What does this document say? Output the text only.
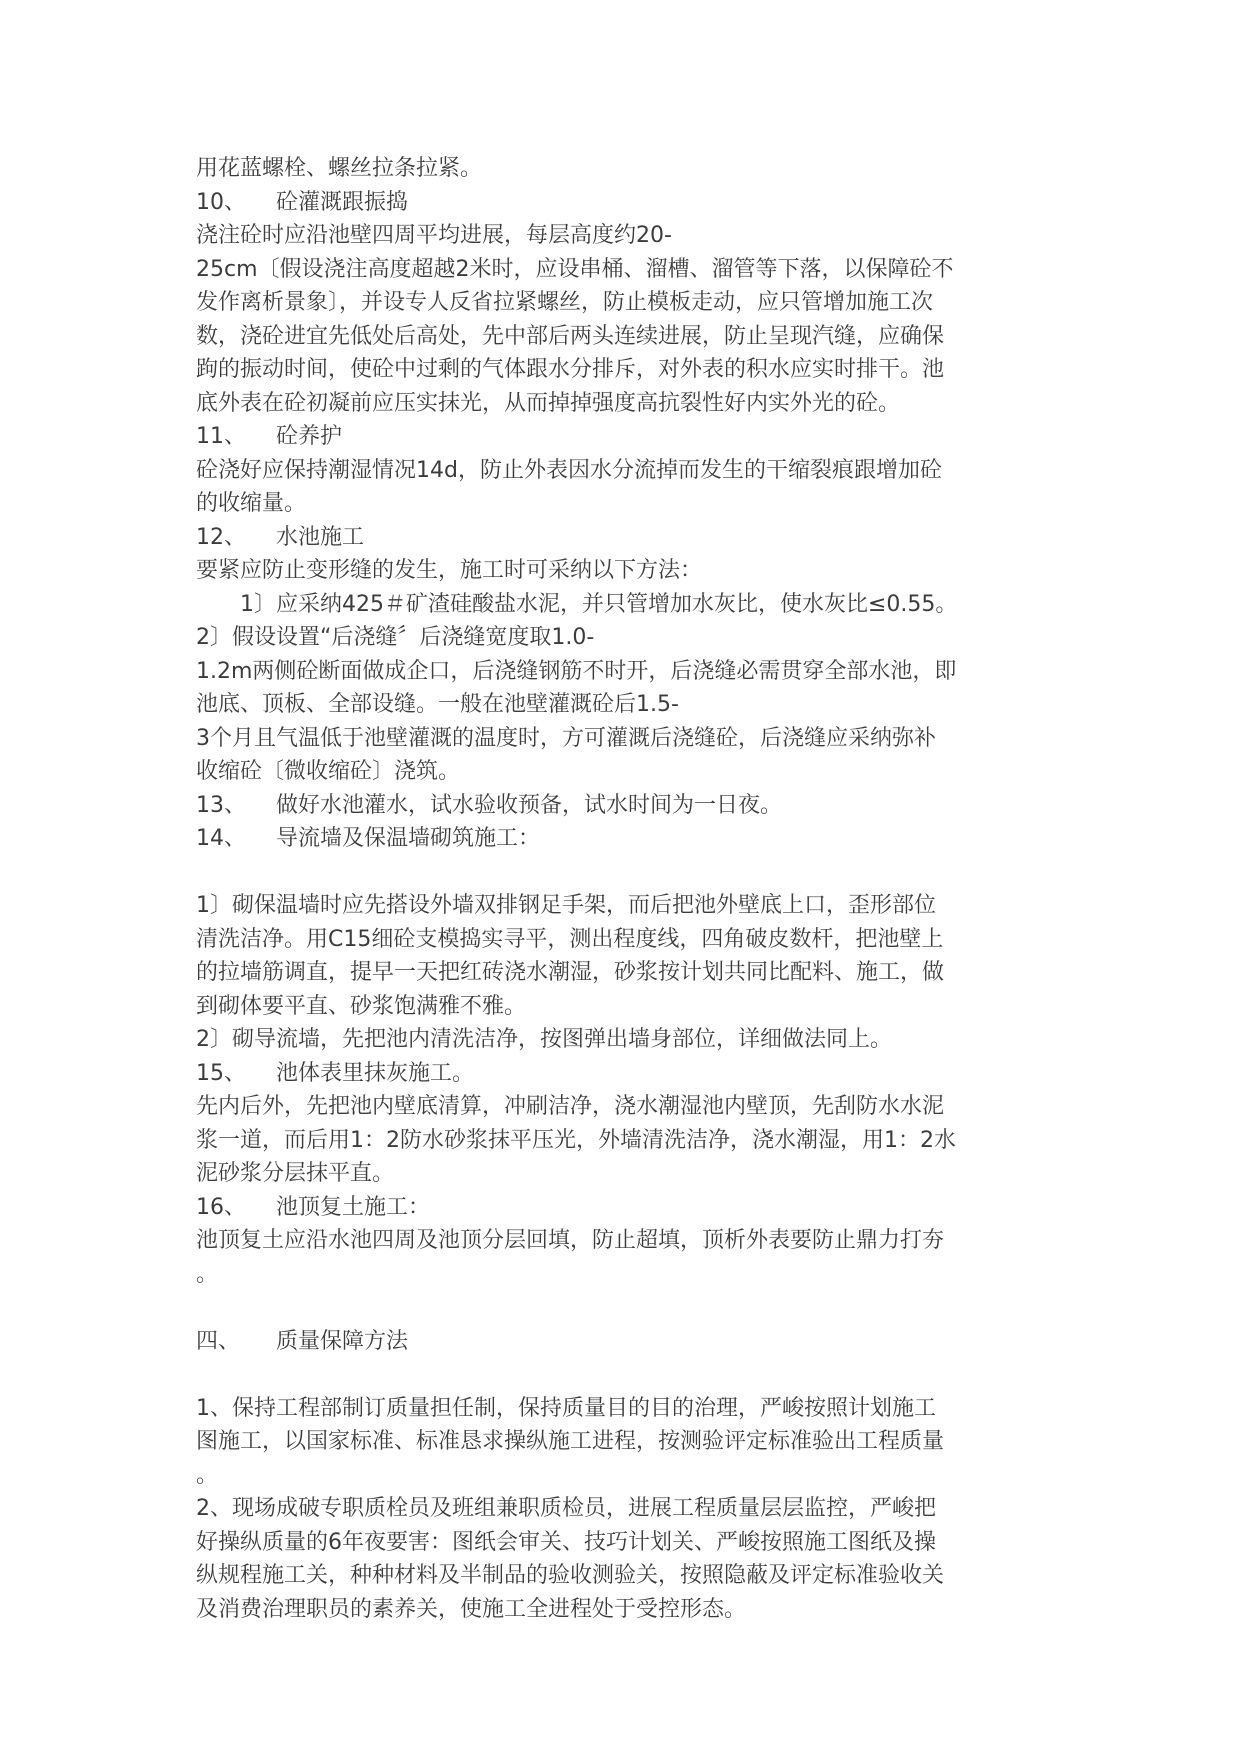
用花蓝螺栓、螺丝拉条拉紧。
10、 砼灌溉跟振捣
浇注砼时应沿池壁四周平均进展，每层高度约20-
25cm〔假设浇注高度超越2米时，应设串桶、溜槽、溜管等下落，以保障砼不
发作离析景象〕，并设专人反省拉紧螺丝，防止模板走动，应只管增加施工次
数，浇砼进宜先低处后高处，先中部后两头连续进展，防止呈现汽缝，应确保
跔的振动时间，使砼中过剩的气体跟水分排斥，对外表的积水应实时排干。池
底外表在砼初凝前应压实抹光，从而掉掉强度高抗裂性好内实外光的砼。
11、 砼养护
砼浇好应保持潮湿情况14d，防止外表因水分流掉而发生的干缩裂痕跟增加砼
的收缩量。
12、 水池施工
要紧应防止变形缝的发生，施工时可采纳以下方法：
1〕应采纳425＃矿渣硅酸盐水泥，并只管增加水灰比，使水灰比≤0.55。
2〕假设设置“后浇缝〞后浇缝宽度取1.0-
1.2m两侧砼断面做成企口，后浇缝钢筋不时开，后浇缝必需贯穿全部水池，即
池底、顶板、全部设缝。一般在池壁灌溉砼后1.5-
3个月且气温低于池壁灌溉的温度时，方可灌溉后浇缝砼，后浇缝应采纳弥补
收缩砼〔微收缩砼〕浇筑。
13、 做好水池灌水，试水验收预备，试水时间为一日夜。
14、 导流墙及保温墙砌筑施工：
1〕砌保温墙时应先搭设外墙双排钢足手架，而后把池外壁底上口，歪形部位
清洗洁净。用C15细砼支模捣实寻平，测出程度线，四角破皮数杆，把池壁上
的拉墙筋调直，提早一天把红砖浇水潮湿，砂浆按计划共同比配料、施工，做
到砌体要平直、砂浆饱满雅不雅。
2〕砌导流墙，先把池内清洗洁净，按图弹出墙身部位，详细做法同上。
15、 池体表里抹灰施工。
先内后外，先把池内壁底清算，冲刷洁净，浇水潮湿池内壁顶，先刮防水水泥
浆一道，而后用1：2防水砂浆抹平压光，外墙清洗洁净，浇水潮湿，用1：2水
泥砂浆分层抹平直。
16、 池顶复土施工：
池顶复土应沿水池四周及池顶分层回填，防止超填，顶析外表要防止鼎力打夯
。
四、 质量保障方法
1、保持工程部制订质量担任制，保持质量目的目的治理，严峻按照计划施工
图施工，以国家标准、标准恳求操纵施工进程，按测验评定标准验出工程质量
。
2、现场成破专职质栓员及班组兼职质检员，进展工程质量层层监控，严峻把
好操纵质量的6年夜要害：图纸会审关、技巧计划关、严峻按照施工图纸及操
纵规程施工关，种种材料及半制品的验收测验关，按照隐蔽及评定标准验收关
及消费治理职员的素养关，使施工全进程处于受控形态。
